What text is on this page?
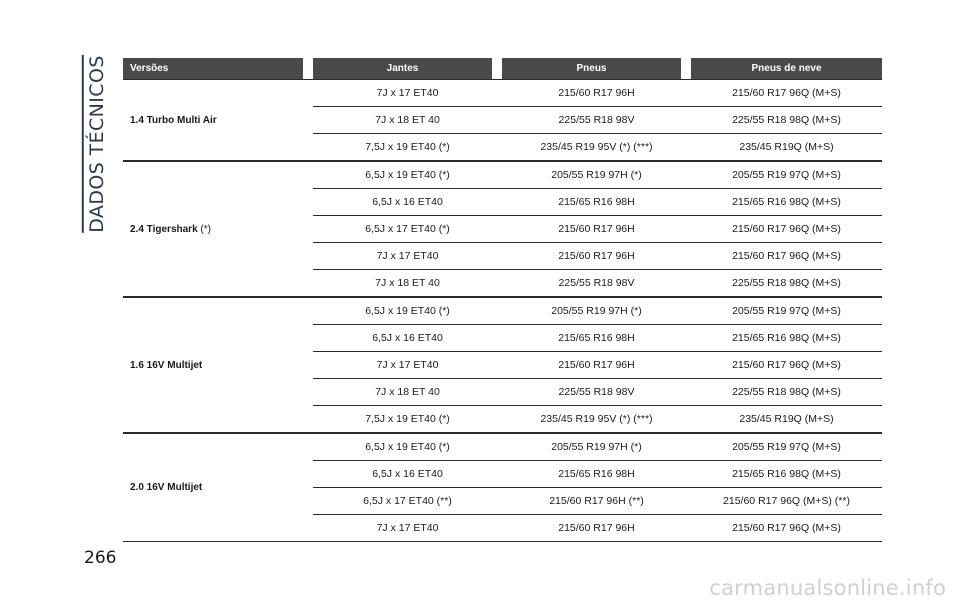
DADOS TÉCNICOS Versões	Jantes	Pneus	Pneus de neve
1.4 Turbo Multi Air	7J x 17 ET40	215/60 R17 96H	215/60 R17 96Q (M+S)
	7J x 18 ET 40	225/55 R18 98V	225/55 R18 98Q (M+S)
	7,5J x 19 ET40 (*)	235/45 R19 95V (*) (***)	235/45 R19Q (M+S)
2.4 Tigershark (*)	6,5J x 19 ET40 (*)	205/55 R19 97H (*)	205/55 R19 97Q (M+S)
	6,5J x 16 ET40	215/65 R16 98H	215/65 R16 98Q (M+S)
	6,5J x 17 ET40 (*)	215/60 R17 96H	215/60 R17 96Q (M+S)
	7J x 17 ET40	215/60 R17 96H	215/60 R17 96Q (M+S)
	7J x 18 ET 40	225/55 R18 98V	225/55 R18 98Q (M+S)
1.6 16V Multijet	6,5J x 19 ET40 (*)	205/55 R19 97H (*)	205/55 R19 97Q (M+S)
	6,5J x 16 ET40	215/65 R16 98H	215/65 R16 98Q (M+S)
	7J x 17 ET40	215/60 R17 96H	215/60 R17 96Q (M+S)
	7J x 18 ET 40	225/55 R18 98V	225/55 R18 98Q (M+S)
	7,5J x 19 ET40 (*)	235/45 R19 95V (*) (***)	235/45 R19Q (M+S)
2.0 16V Multijet	6,5J x 19 ET40 (*)	205/55 R19 97H (*)	205/55 R19 97Q (M+S)
	6,5J x 16 ET40	215/65 R16 98H	215/65 R16 98Q (M+S)
	6,5J x 17 ET40 (**)	215/60 R17 96H (**)	215/60 R17 96Q (M+S) (**)
	7J x 17 ET40	215/60 R17 96H	215/60 R17 96Q (M+S)
266
carmanualsonline.info
